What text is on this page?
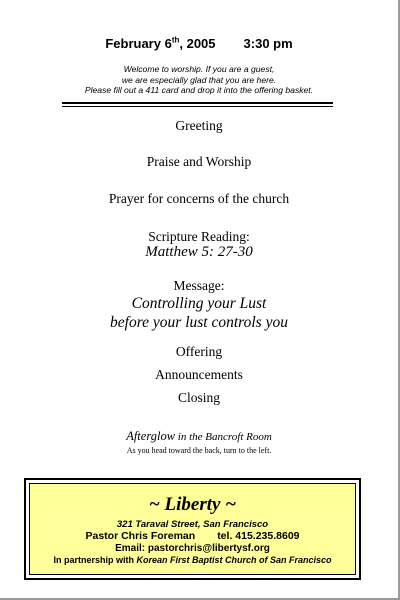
February 6th, 2005 3:30 pm
Welcome to worship. If you are a guest,
we are especially glad that you are here.
Please fill out a 411 card and drop it into the offering basket.
Greeting
Praise and Worship
Prayer for concerns of the church
Scripture Reading:
Matthew 5: 27-30
Message:
Controlling your Lust
before your lust controls you
Offering
Announcements
Closing
Afterglow in the Bancroft Room
As you head toward the back, turn to the left.
~ Liberty ~
321 Taraval Street, San Francisco
Pastor Chris Foreman tel. 415.235.8609
Email: pastorchris@libertysf.org
In partnership with Korean First Baptist Church of San Francisco
